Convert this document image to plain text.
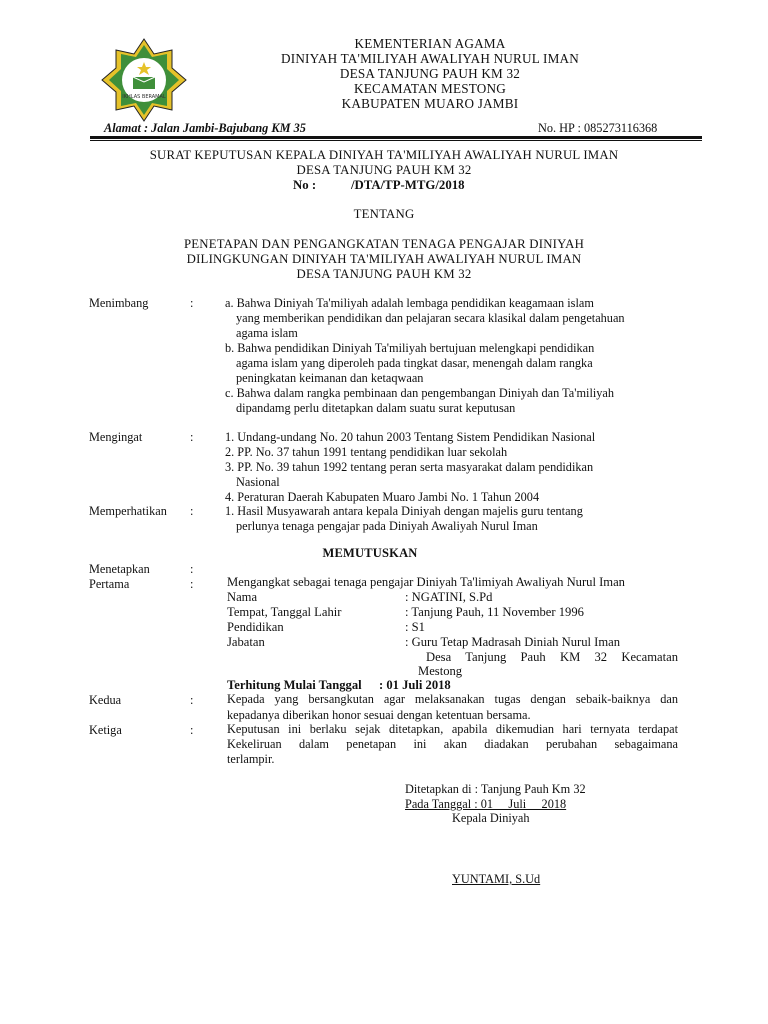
IKHLAS BERAMAL
KEMENTERIAN AGAMA
DINIYAH TA'MILIYAH AWALIYAH NURUL IMAN
DESA TANJUNG PAUH KM 32
KECAMATAN MESTONG
KABUPATEN MUARO JAMBI
Alamat : Jalan Jambi-Bajubang KM 35	No. HP : 085273116368
SURAT KEPUTUSAN KEPALA DINIYAH TA'MILIYAH AWALIYAH NURUL IMAN
DESA TANJUNG PAUH KM 32
No :	/DTA/TP-MTG/2018
TENTANG
PENETAPAN DAN PENGANGKATAN TENAGA PENGAJAR DINIYAH
DILINGKUNGAN DINIYAH TA'MILIYAH AWALIYAH NURUL IMAN
DESA TANJUNG PAUH KM 32
Menimbang	:	a. Bahwa Diniyah Ta'miliyah adalah lembaga pendidikan keagamaan islam
yang memberikan pendidikan dan pelajaran secara klasikal dalam pengetahuan
agama islam
b. Bahwa pendidikan Diniyah Ta'miliyah bertujuan melengkapi pendidikan
agama islam yang diperoleh pada tingkat dasar, menengah dalam rangka
peningkatan keimanan dan ketaqwaan
c. Bahwa dalam rangka pembinaan dan pengembangan Diniyah dan Ta'miliyah
dipandamg perlu ditetapkan dalam suatu surat keputusan
Mengingat	:	1. Undang-undang No. 20 tahun 2003 Tentang Sistem Pendidikan Nasional
2. PP. No. 37 tahun 1991 tentang pendidikan luar sekolah
3. PP. No. 39 tahun 1992 tentang peran serta masyarakat dalam pendidikan
Nasional
4. Peraturan Daerah Kabupaten Muaro Jambi No. 1 Tahun 2004
Memperhatikan :	1. Hasil Musyawarah antara kepala Diniyah dengan majelis guru tentang
perlunya tenaga pengajar pada Diniyah Awaliyah Nurul Iman
MEMUTUSKAN
Menetapkan	:
Pertama	:	Mengangkat sebagai tenaga pengajar Diniyah Ta'limiyah Awaliyah Nurul Iman
Nama	: NGATINI, S.Pd
Tempat, Tanggal Lahir	: Tanjung Pauh, 11 November 1996
Pendidikan	: S1
Jabatan	: Guru Tetap Madrasah Diniah Nurul Iman
Desa Tanjung Pauh KM 32 Kecamatan
Mestong
Terhitung Mulai Tanggal : 01 Juli 2018
Kedua	:	Kepada yang bersangkutan agar melaksanakan tugas dengan sebaik-baiknya dan
kepadanya diberikan honor sesuai dengan ketentuan bersama.
Ketiga	:	Keputusan ini berlaku sejak ditetapkan, apabila dikemudian hari ternyata terdapat
Kekeliruan dalam penetapan ini akan diadakan perubahan sebagaimana
terlampir.
Ditetapkan di : Tanjung Pauh Km 32
Pada Tanggal : 01     Juli     2018
Kepala Diniyah
YUNTAMI, S.Ud
